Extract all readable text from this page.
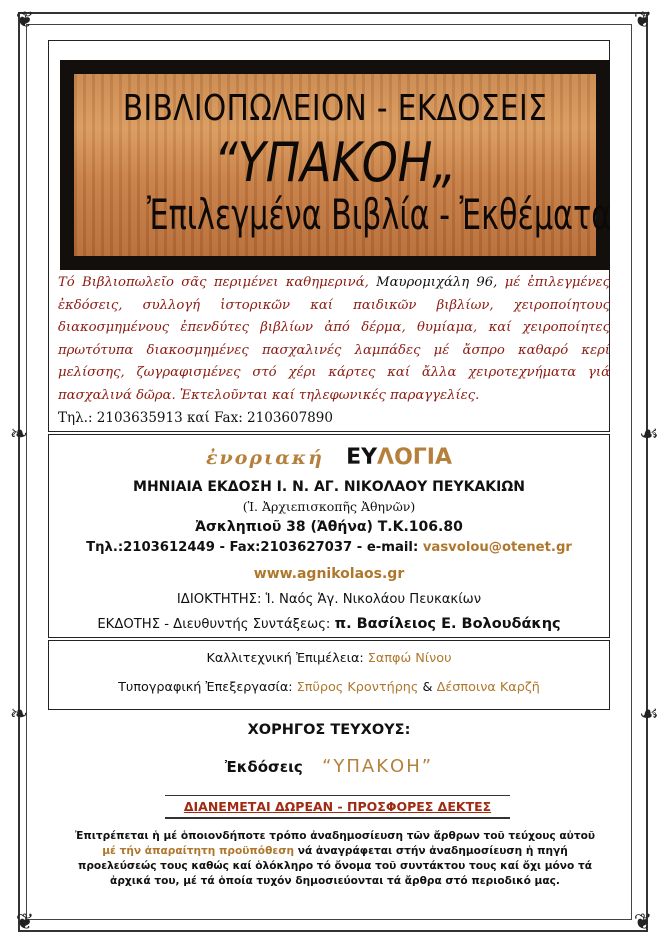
❦	❦
❦	❦
❧	☙
❧	☙
ΒΙΒΛΙΟΠΩΛΕΙΟΝ - ΕΚΔΟΣΕΙΣ
“ΥΠΑΚΟΗ„
Ἐπιλεγμένα Βιβλία - Ἐκθέματα
Τό Βιβλιοπωλεῖο σᾶς περιμένει καθημερινά, Μαυρομιχάλη 96, μέ ἐπιλεγμένες ἐκδόσεις, συλλογή ἱστορικῶν καί παιδικῶν βιβλίων, χειροποίητους διακοσμημένους ἐπενδύτες βιβλίων ἀπό δέρμα, θυμίαμα, καί χειροποίητες πρωτότυπα διακοσμημένες πασχαλινές λαμπάδες μέ ἄσπρο καθαρό κερί μελίσσης, ζωγραφισμένες στό χέρι κάρτες καί ἄλλα χειροτεχνήματα γιά πασχαλινά δῶρα. Ἐκτελοῦνται καί τηλεφωνικές παραγγελίες.
Τηλ.: 2103635913 καί Fax: 2103607890
ἐνοριακή ΕΥΛΟΓΙΑ
ΜΗΝΙΑΙΑ ΕΚΔΟΣΗ Ι. Ν. ΑΓ. ΝΙΚΟΛΑΟΥ ΠΕΥΚΑΚΙΩΝ
(Ἱ. Ἀρχιεπισκοπῆς Ἀθηνῶν)
Ἀσκληπιοῦ 38 (Ἀθήνα) Τ.Κ.106.80
Τηλ.:2103612449 - Fax:2103627037 - e-mail: vasvolou@otenet.gr
www.agnikolaos.gr
ΙΔΙΟΚΤΗΤΗΣ: Ἱ. Ναός Ἁγ. Νικολάου Πευκακίων
ΕΚΔΟΤΗΣ - Διευθυντής Συντάξεως: π. Βασίλειος Ε. Βολουδάκης
Καλλιτεχνική Ἐπιμέλεια: Σαπφώ Νίνου
Τυπογραφική Ἐπεξεργασία: Σπῦρος Κροντήρης & Δέσποινα Καρζῆ
ΧΟΡΗΓΟΣ ΤΕΥΧΟΥΣ:
Ἐκδόσεις “ΥΠΑΚΟΗ”
ΔΙΑΝΕΜΕΤΑΙ ΔΩΡΕΑΝ - ΠΡΟΣΦΟΡΕΣ ΔΕΚΤΕΣ
Ἐπιτρέπεται ἡ μέ ὁποιονδήποτε τρόπο ἀναδημοσίευση τῶν ἄρθρων τοῦ τεύχους αὐτοῦ μέ τήν ἀπαραίτητη προϋπόθεση νά ἀναγράφεται στήν ἀναδημοσίευση ἡ πηγή προελεύσεώς τους καθώς καί ὁλόκληρο τό ὄνομα τοῦ συντάκτου τους καί ὄχι μόνο τά ἀρχικά του, μέ τά ὁποία τυχόν δημοσιεύονται τά ἄρθρα στό περιοδικό μας.
